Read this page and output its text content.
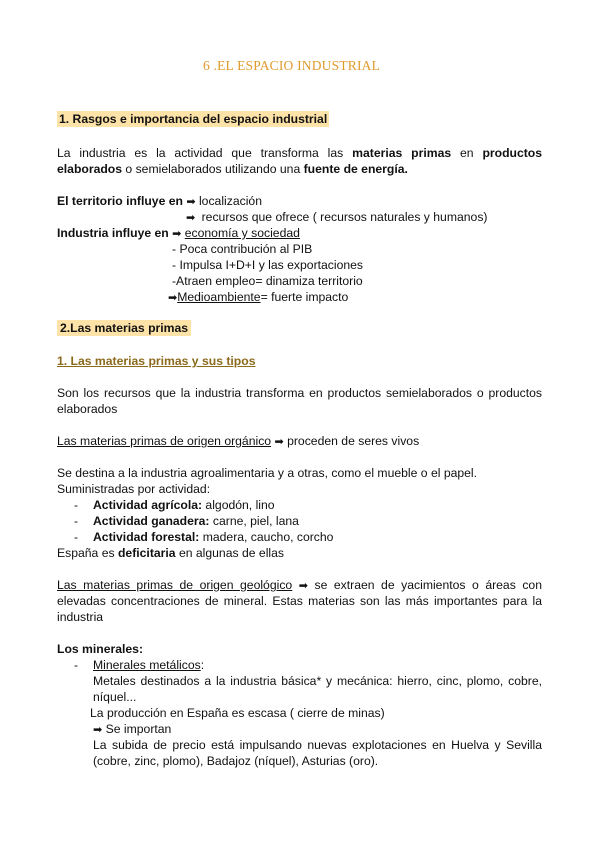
6 .EL ESPACIO INDUSTRIAL
1. Rasgos e importancia del espacio industrial
La industria es la actividad que transforma las materias primas en productos
elaborados o semielaborados utilizando una fuente de energía.
El territorio influye en ➡ localización
➡ recursos que ofrece ( recursos naturales y humanos)
Industria influye en ➡ economía y sociedad
- Poca contribución al PIB
- Impulsa I+D+I y las exportaciones
-Atraen empleo= dinamiza territorio
➡Medioambiente= fuerte impacto
2.Las materias primas
1. Las materias primas y sus tipos
Son los recursos que la industria transforma en productos semielaborados o productos
elaborados
Las materias primas de origen orgánico ➡ proceden de seres vivos
Se destina a la industria agroalimentaria y a otras, como el mueble o el papel.
Suministradas por actividad:
- Actividad agrícola: algodón, lino
- Actividad ganadera: carne, piel, lana
- Actividad forestal: madera, caucho, corcho
España es deficitaria en algunas de ellas
Las materias primas de origen geológico ➡ se extraen de yacimientos o áreas con
elevadas concentraciones de mineral. Estas materias son las más importantes para la
industria
Los minerales:
- Minerales metálicos:
Metales destinados a la industria básica* y mecánica: hierro, cinc, plomo, cobre,
níquel...
La producción en España es escasa ( cierre de minas)
➡ Se importan
La subida de precio está impulsando nuevas explotaciones en Huelva y Sevilla
(cobre, zinc, plomo), Badajoz (níquel), Asturias (oro).
